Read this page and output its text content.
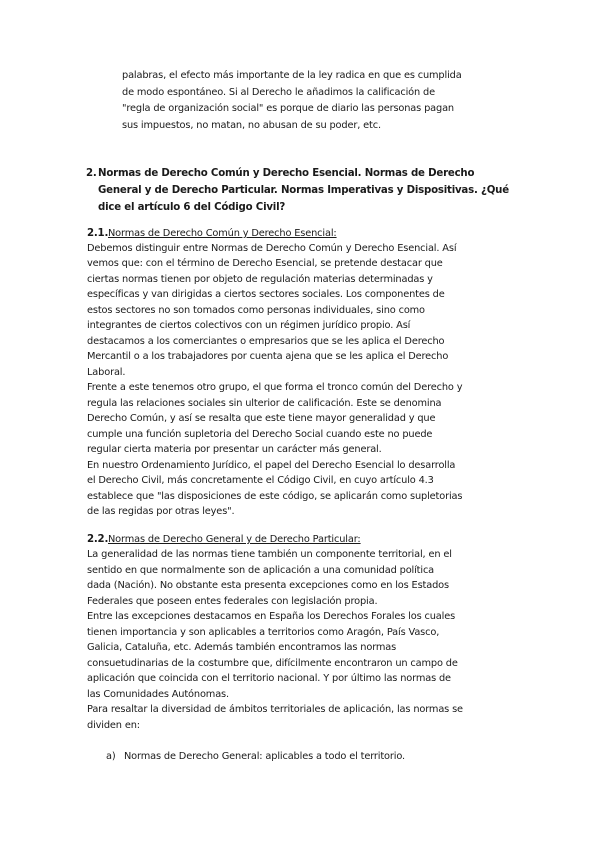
palabras, el efecto más importante de la ley radica en que es cumplida
de modo espontáneo. Si al Derecho le añadimos la calificación de
"regla de organización social" es porque de diario las personas pagan
sus impuestos, no matan, no abusan de su poder, etc.
2. Normas de Derecho Común y Derecho Esencial. Normas de Derecho
General y de Derecho Particular. Normas Imperativas y Dispositivas. ¿Qué
dice el artículo 6 del Código Civil?
2.1. Normas de Derecho Común y Derecho Esencial:
Debemos distinguir entre Normas de Derecho Común y Derecho Esencial. Así
vemos que: con el término de Derecho Esencial, se pretende destacar que
ciertas normas tienen por objeto de regulación materias determinadas y
específicas y van dirigidas a ciertos sectores sociales. Los componentes de
estos sectores no son tomados como personas individuales, sino como
integrantes de ciertos colectivos con un régimen jurídico propio. Así
destacamos a los comerciantes o empresarios que se les aplica el Derecho
Mercantil o a los trabajadores por cuenta ajena que se les aplica el Derecho
Laboral.
Frente a este tenemos otro grupo, el que forma el tronco común del Derecho y
regula las relaciones sociales sin ulterior de calificación. Este se denomina
Derecho Común, y así se resalta que este tiene mayor generalidad y que
cumple una función supletoria del Derecho Social cuando este no puede
regular cierta materia por presentar un carácter más general.
En nuestro Ordenamiento Jurídico, el papel del Derecho Esencial lo desarrolla
el Derecho Civil, más concretamente el Código Civil, en cuyo artículo 4.3
establece que "las disposiciones de este código, se aplicarán como supletorias
de las regidas por otras leyes".
2.2. Normas de Derecho General y de Derecho Particular:
La generalidad de las normas tiene también un componente territorial, en el
sentido en que normalmente son de aplicación a una comunidad política
dada (Nación). No obstante esta presenta excepciones como en los Estados
Federales que poseen entes federales con legislación propia.
Entre las excepciones destacamos en España los Derechos Forales los cuales
tienen importancia y son aplicables a territorios como Aragón, País Vasco,
Galicia, Cataluña, etc. Además también encontramos las normas
consuetudinarias de la costumbre que, difícilmente encontraron un campo de
aplicación que coincida con el territorio nacional. Y por último las normas de
las Comunidades Autónomas.
Para resaltar la diversidad de ámbitos territoriales de aplicación, las normas se
dividen en:
a) Normas de Derecho General: aplicables a todo el territorio.
